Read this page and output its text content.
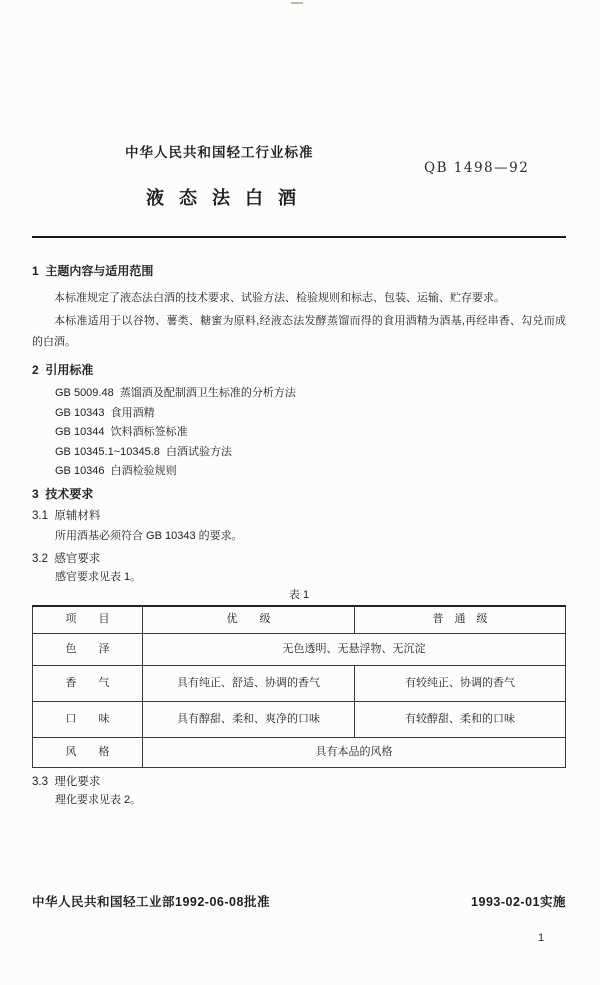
中华人民共和国轻工行业标准
QB 1498—92
液态法白酒
1  主题内容与适用范围

本标准规定了液态法白酒的技术要求、试验方法、检验规则和标志、包装、运输、贮存要求。

本标准适用于以谷物、薯类、糖蜜为原料,经液态法发酵蒸馏而得的食用酒精为酒基,再经串香、勾兑而成的白酒。

2  引用标准
GB 5009.48  蒸馏酒及配制酒卫生标准的分析方法
GB 10343  食用酒精
GB 10344  饮料酒标签标准
GB 10345.1~10345.8  白酒试验方法
GB 10346  白酒检验规则
3  技术要求
3.1  原辅材料

所用酒基必须符合 GB 10343 的要求。

3.2  感官要求

感官要求见表 1。

表 1
项　　目	优　　级	普　通　级
色　　泽	无色透明、无悬浮物、无沉淀	
香　　气	具有纯正、舒适、协调的香气	有较纯正、协调的香气
口　　味	具有醇甜、柔和、爽净的口味	有较醇甜、柔和的口味
风　　格	具有本品的风格	
3.3  理化要求

理化要求见表 2。

中华人民共和国轻工业部1992-06-08批准	1993-02-01实施
1
